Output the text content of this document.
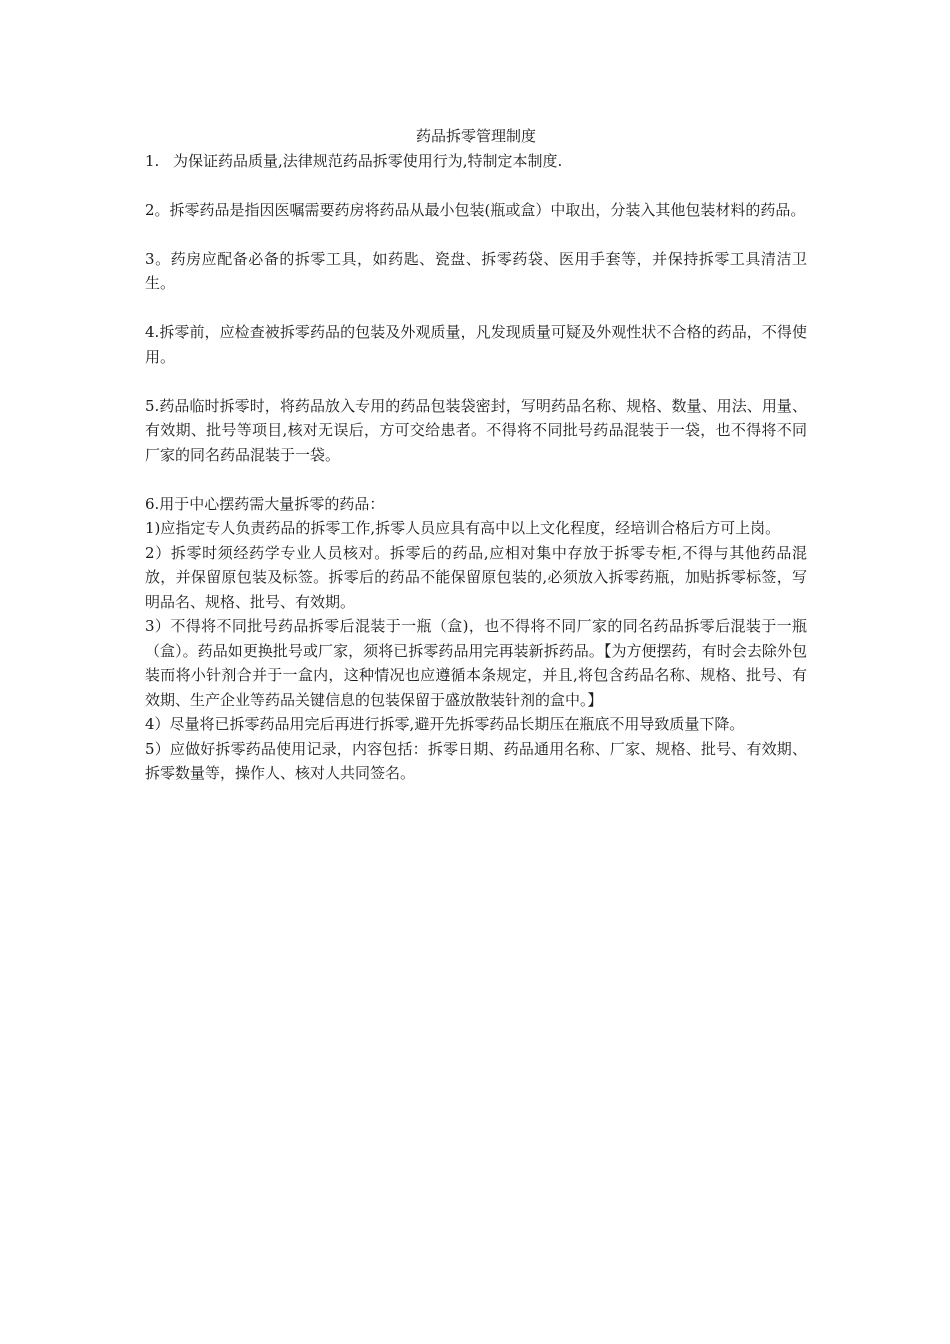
药品拆零管理制度

1. 为保证药品质量,法律规范药品拆零使用行为,特制定本制度.

2。拆零药品是指因医嘱需要药房将药品从最小包装(瓶或盒）中取出，分装入其他包装材料的药品。

3。药房应配备必备的拆零工具，如药匙、瓷盘、拆零药袋、医用手套等，并保持拆零工具清洁卫生。

4.拆零前，应检查被拆零药品的包装及外观质量，凡发现质量可疑及外观性状不合格的药品，不得使用。

5.药品临时拆零时，将药品放入专用的药品包装袋密封，写明药品名称、规格、数量、用法、用量、有效期、批号等项目,核对无误后，方可交给患者。不得将不同批号药品混装于一袋，也不得将不同厂家的同名药品混装于一袋。

6.用于中心摆药需大量拆零的药品：

1)应指定专人负责药品的拆零工作,拆零人员应具有高中以上文化程度，经培训合格后方可上岗。

2）拆零时须经药学专业人员核对。拆零后的药品,应相对集中存放于拆零专柜,不得与其他药品混放，并保留原包装及标签。拆零后的药品不能保留原包装的,必须放入拆零药瓶，加贴拆零标签，写明品名、规格、批号、有效期。

3）不得将不同批号药品拆零后混装于一瓶（盒)，也不得将不同厂家的同名药品拆零后混装于一瓶（盒）。药品如更换批号或厂家，须将已拆零药品用完再装新拆药品。【为方便摆药，有时会去除外包装而将小针剂合并于一盒内，这种情况也应遵循本条规定，并且,将包含药品名称、规格、批号、有效期、生产企业等药品关键信息的包装保留于盛放散装针剂的盒中。】

4）尽量将已拆零药品用完后再进行拆零,避开先拆零药品长期压在瓶底不用导致质量下降。

5）应做好拆零药品使用记录，内容包括：拆零日期、药品通用名称、厂家、规格、批号、有效期、拆零数量等，操作人、核对人共同签名。
